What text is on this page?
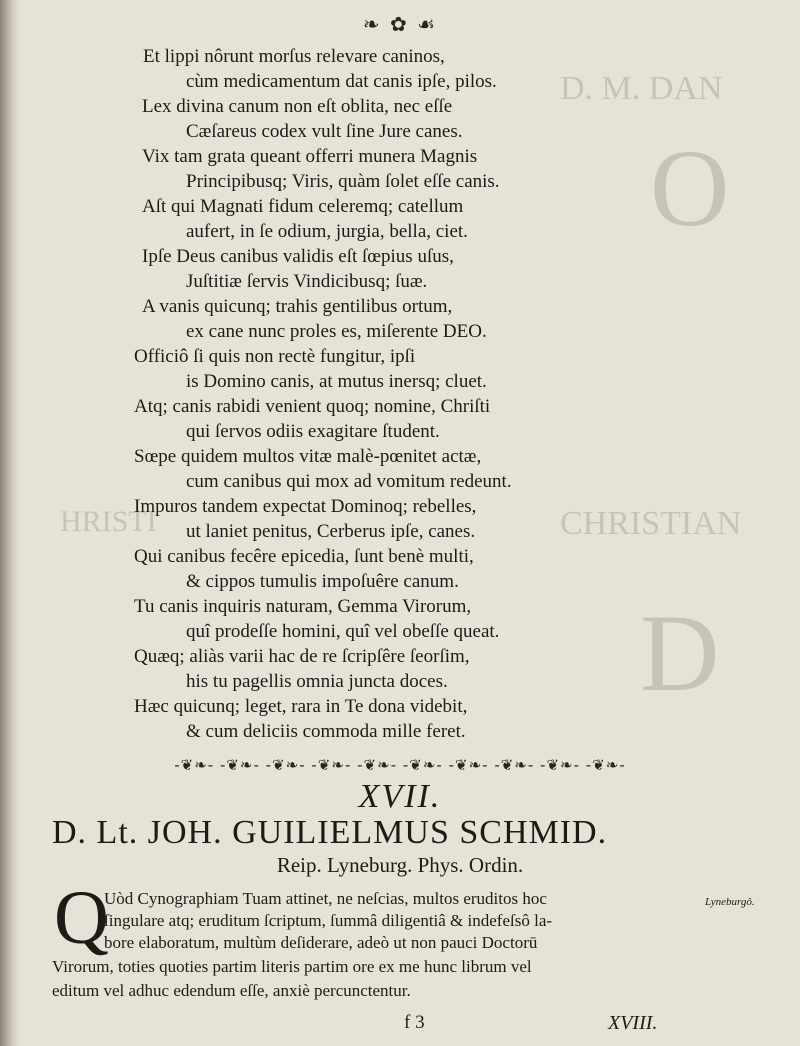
D. M. DAN
O
CHRISTIAN
D
HRISTI
❧ ✿ ☙
Et lippi nôrunt morſus relevare caninos,
cùm medicamentum dat canis ipſe, pilos.
Lex divina canum non eſt oblita, nec eſſe
Cæſareus codex vult ſine Jure canes.
Vix tam grata queant offerri munera Magnis
Principibusq; Viris, quàm ſolet eſſe canis.
Aſt qui Magnati fidum celeremq; catellum
aufert, in ſe odium, jurgia, bella, ciet.
Ipſe Deus canibus validis eſt ſœpius uſus,
Juſtitiæ ſervis Vindicibusq; ſuæ.
A vanis quicunq; trahis gentilibus ortum,
ex cane nunc proles es, miſerente DEO.
Officiô ſi quis non rectè fungitur, ipſi
is Domino canis, at mutus inersq; cluet.
Atq; canis rabidi venient quoq; nomine, Chriſti
qui ſervos odiis exagitare ſtudent.
Sœpe quidem multos vitæ malè-pœnitet actæ,
cum canibus qui mox ad vomitum redeunt.
Impuros tandem expectat Dominoq; rebelles,
ut laniet penitus, Cerberus ipſe, canes.
Qui canibus fecêre epicedia, ſunt benè multi,
& cippos tumulis impoſuêre canum.
Tu canis inquiris naturam, Gemma Virorum,
quî prodeſſe homini, quî vel obeſſe queat.
Quæq; aliàs varii hac de re ſcripſêre ſeorſim,
his tu pagellis omnia juncta doces.
Hæc quicunq; leget, rara in Te dona videbit,
& cum deliciis commoda mille feret.
-❦❧- -❦❧- -❦❧- -❦❧- -❦❧- -❦❧- -❦❧- -❦❧- -❦❧- -❦❧-
XVII.
D. Lt. JOH. GUILIELMUS SCHMID.
Reip. Lyneburg. Phys. Ordin.
Q
Uòd Cynographiam Tuam attinet, ne neſcias, multos eruditos hoc
ſingulare atq; eruditum ſcriptum, ſummâ diligentiâ & indefeſsô la-
bore elaboratum, multùm deſiderare, adeò ut non pauci Doctorū
Virorum, toties quoties partim literis partim ore ex me hunc librum vel
editum vel adhuc edendum eſſe, anxiè percunctentur.
Lyneburgô.
f 3	XVIII.
